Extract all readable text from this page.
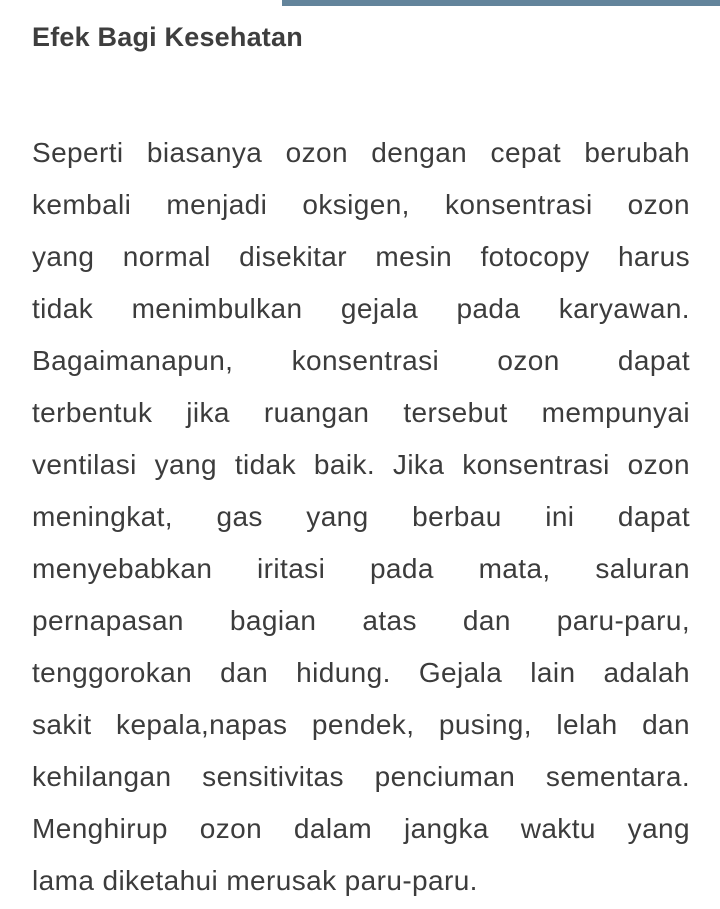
Efek Bagi Kesehatan
Seperti biasanya ozon dengan cepat berubah
kembali menjadi oksigen, konsentrasi ozon
yang normal disekitar mesin fotocopy harus
tidak menimbulkan gejala pada karyawan.
Bagaimanapun, konsentrasi ozon dapat
terbentuk jika ruangan tersebut mempunyai
ventilasi yang tidak baik. Jika konsentrasi ozon
meningkat, gas yang berbau ini dapat
menyebabkan iritasi pada mata, saluran
pernapasan bagian atas dan paru-paru,
tenggorokan dan hidung. Gejala lain adalah
sakit kepala,napas pendek, pusing, lelah dan
kehilangan sensitivitas penciuman sementara.
Menghirup ozon dalam jangka waktu yang
lama diketahui merusak paru-paru.
